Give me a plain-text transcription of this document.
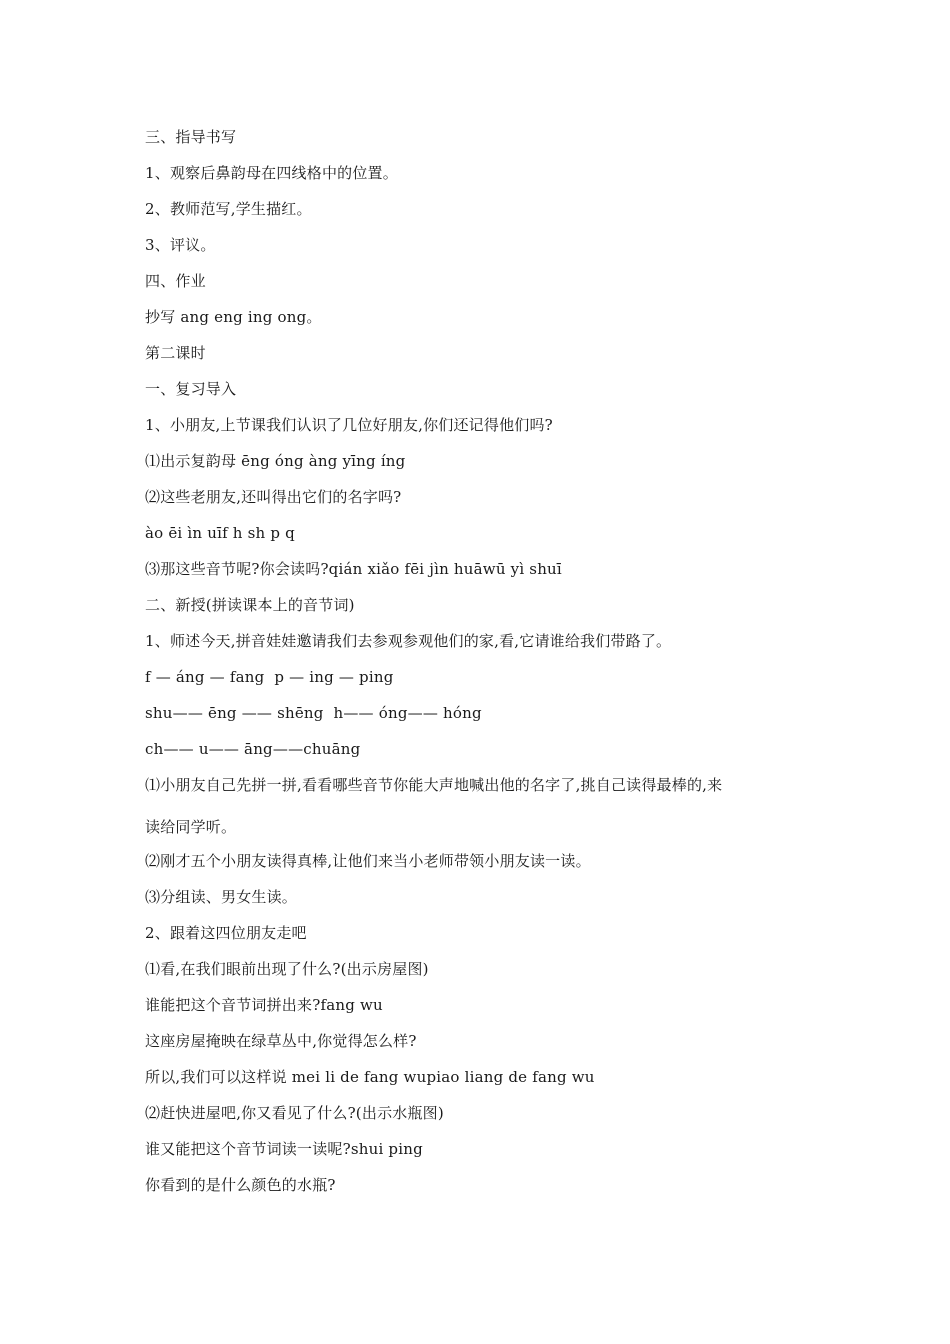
三、指导书写
1、观察后鼻韵母在四线格中的位置。
2、教师范写,学生描红。
3、评议。
四、作业
抄写 ang eng ing ong。
第二课时
一、复习导入
1、小朋友,上节课我们认识了几位好朋友,你们还记得他们吗?
⑴出示复韵母 ēng óng àng yīng íng
⑵这些老朋友,还叫得出它们的名字吗?
ào ēi ìn uīf h sh p q
⑶那这些音节呢?你会读吗?qián xiǎo fēi jìn huāwū yì shuī
二、新授(拼读课本上的音节词)
1、师述今天,拼音娃娃邀请我们去参观参观他们的家,看,它请谁给我们带路了。
f — áng — fang  p — ing — ping
shu—— ēng —— shēng  h—— óng—— hóng
ch—— u—— āng——chuāng
⑴小朋友自己先拼一拼,看看哪些音节你能大声地喊出他的名字了,挑自己读得最棒的,来
读给同学听。
⑵刚才五个小朋友读得真棒,让他们来当小老师带领小朋友读一读。
⑶分组读、男女生读。
2、跟着这四位朋友走吧
⑴看,在我们眼前出现了什么?(出示房屋图)
谁能把这个音节词拼出来?fang wu
这座房屋掩映在绿草丛中,你觉得怎么样?
所以,我们可以这样说 mei li de fang wupiao liang de fang wu
⑵赶快进屋吧,你又看见了什么?(出示水瓶图)
谁又能把这个音节词读一读呢?shui ping
你看到的是什么颜色的水瓶?
